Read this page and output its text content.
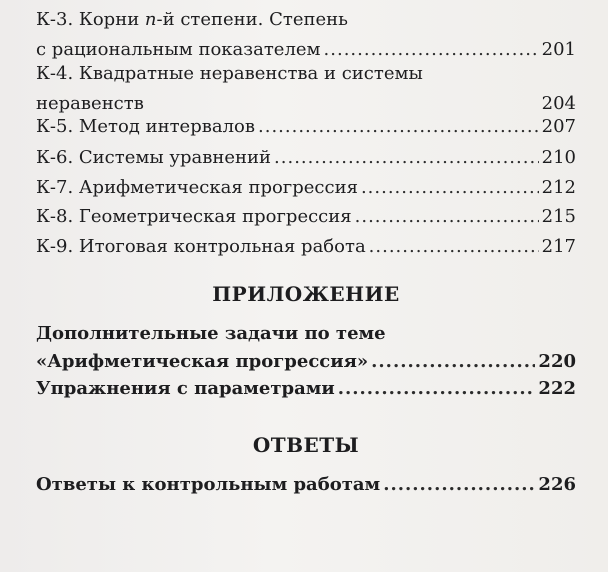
К-3. Корни n-й степени. Степень
с рациональным показателем .....	201
К-4. Квадратные неравенства и системы
неравенств	204
К-5. Метод интервалов .....	207
К-6. Системы уравнений .....	210
К-7. Арифметическая прогрессия .....	212
К-8. Геометрическая прогрессия .....	215
К-9. Итоговая контрольная работа .....	217
ПРИЛОЖЕНИЕ
Дополнительные задачи по теме
«Арифметическая прогрессия» .....	220
Упражнения с параметрами .....	222
ОТВЕТЫ
Ответы к контрольным работам .....	226
